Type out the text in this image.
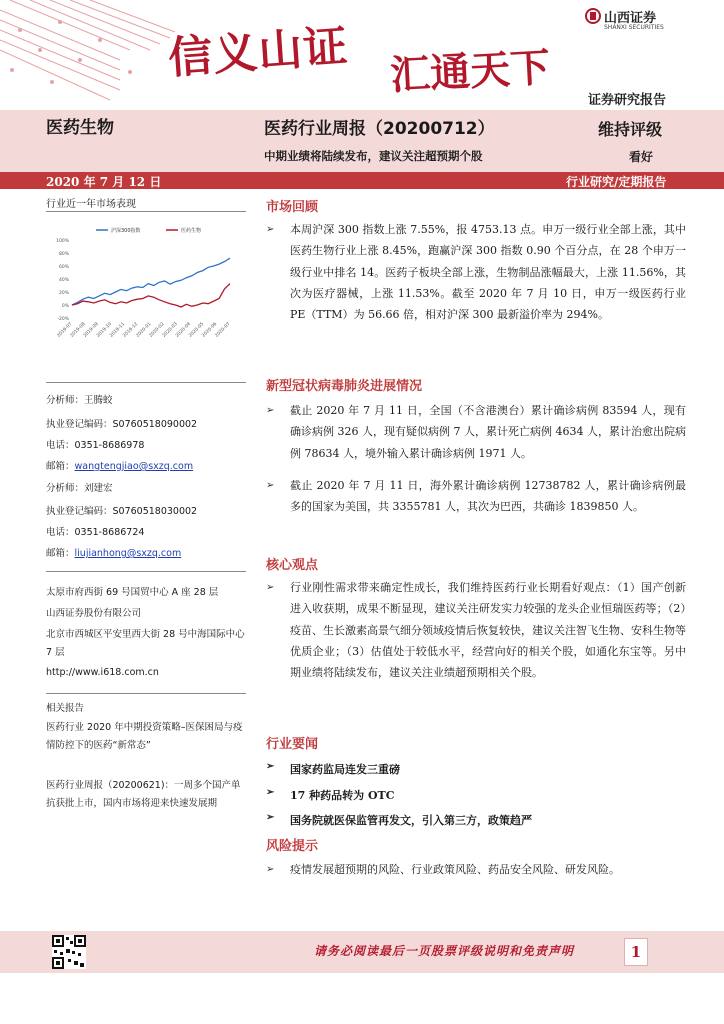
信义山证 汇通天下
山西证券
SHANXI SECURITIES
证券研究报告
医药生物	医药行业周报（20200712）	维持评级
中期业绩将陆续发布，建议关注超预期个股	看好
2020 年 7 月 12 日	行业研究/定期报告
行业近一年市场表现
沪深300指数	医药生物
100%
80%
60%
40%
20%
0%
-20%
2019-07
2019-08
2019-09
2019-10
2019-11
2019-12
2020-01
2020-02
2020-03
2020-04
2020-05
2020-06
2020-07
分析师：王腾蛟
执业登记编码：S0760518090002
电话：0351-8686978
邮箱：wangtengjiao@sxzq.com
分析师：刘建宏
执业登记编码：S0760518030002
电话：0351-8686724
邮箱：liujianhong@sxzq.com
太原市府西街 69 号国贸中心 A 座 28 层
山西证券股份有限公司
北京市西城区平安里西大街 28 号中海国际中心 7 层
http://www.i618.com.cn
相关报告
医药行业 2020 年中期投资策略–医保困局与疫情防控下的医药“新常态”
医药行业周报（20200621)：一周多个国产单抗获批上市，国内市场将迎来快速发展期
市场回顾
➢ 本周沪深 300 指数上涨 7.55%，报 4753.13 点。申万一级行业全部上涨，其中医药生物行业上涨 8.45%，跑赢沪深 300 指数 0.90 个百分点，在 28 个申万一级行业中排名 14。医药子板块全部上涨，生物制品涨幅最大，上涨 11.56%，其次为医疗器械，上涨 11.53%。截至 2020 年 7 月 10 日，申万一级医药行业 PE（TTM）为 56.66 倍，相对沪深 300 最新溢价率为 294%。
新型冠状病毒肺炎进展情况
➢ 截止 2020 年 7 月 11 日，全国（不含港澳台）累计确诊病例 83594 人，现有确诊病例 326 人，现有疑似病例 7 人，累计死亡病例 4634 人，累计治愈出院病例 78634 人，境外输入累计确诊病例 1971 人。
➢ 截止 2020 年 7 月 11 日，海外累计确诊病例 12738782 人，累计确诊病例最多的国家为美国，共 3355781 人，其次为巴西，共确诊 1839850 人。
核心观点
➢ 行业刚性需求带来确定性成长，我们维持医药行业长期看好观点：（1）国产创新进入收获期，成果不断显现，建议关注研发实力较强的龙头企业恒瑞医药等；（2）疫苗、生长激素高景气细分领域疫情后恢复较快，建议关注智飞生物、安科生物等优质企业；（3）估值处于较低水平，经营向好的相关个股，如通化东宝等。另中期业绩将陆续发布，建议关注业绩超预期相关个股。
行业要闻
➢ 国家药监局连发三重磅
➢ 17 种药品转为 OTC
➢ 国务院就医保监管再发文，引入第三方，政策趋严
风险提示
➢ 疫情发展超预期的风险、行业政策风险、药品安全风险、研发风险。
请务必阅读最后一页股票评级说明和免责声明	1
